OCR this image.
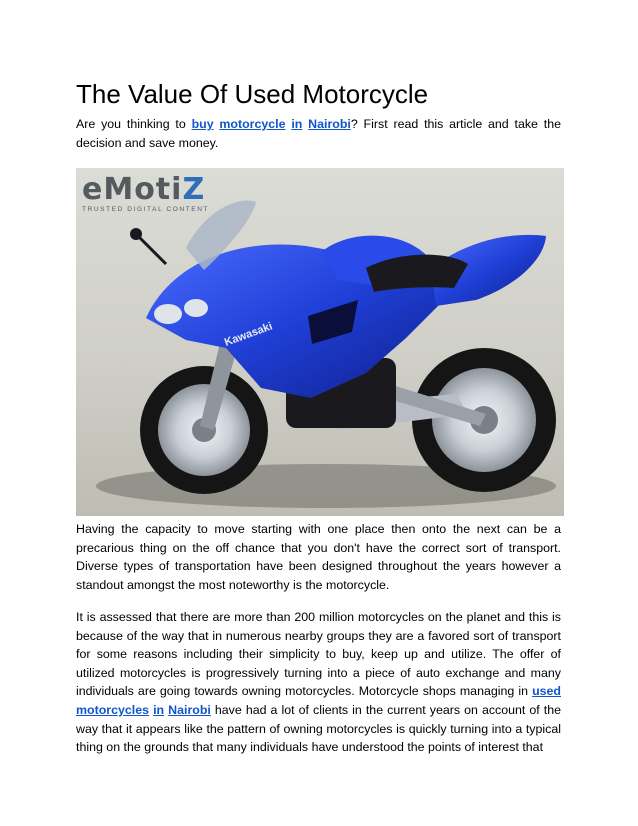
The Value Of Used Motorcycle

Are you thinking to buy motorcycle in Nairobi? First read this article and take the decision and save money.

Kawasaki
eMotiZ
TRUSTED DIGITAL CONTENT

Having the capacity to move starting with one place then onto the next can be a precarious thing on the off chance that you don't have the correct sort of transport. Diverse types of transportation have been designed throughout the years however a standout amongst the most noteworthy is the motorcycle.

It is assessed that there are more than 200 million motorcycles on the planet and this is because of the way that in numerous nearby groups they are a favored sort of transport for some reasons including their simplicity to buy, keep up and utilize. The offer of utilized motorcycles is progressively turning into a piece of auto exchange and many individuals are going towards owning motorcycles. Motorcycle shops managing in used motorcycles in Nairobi have had a lot of clients in the current years on account of the way that it appears like the pattern of owning motorcycles is quickly turning into a typical thing on the grounds that many individuals have understood the points of interest that
